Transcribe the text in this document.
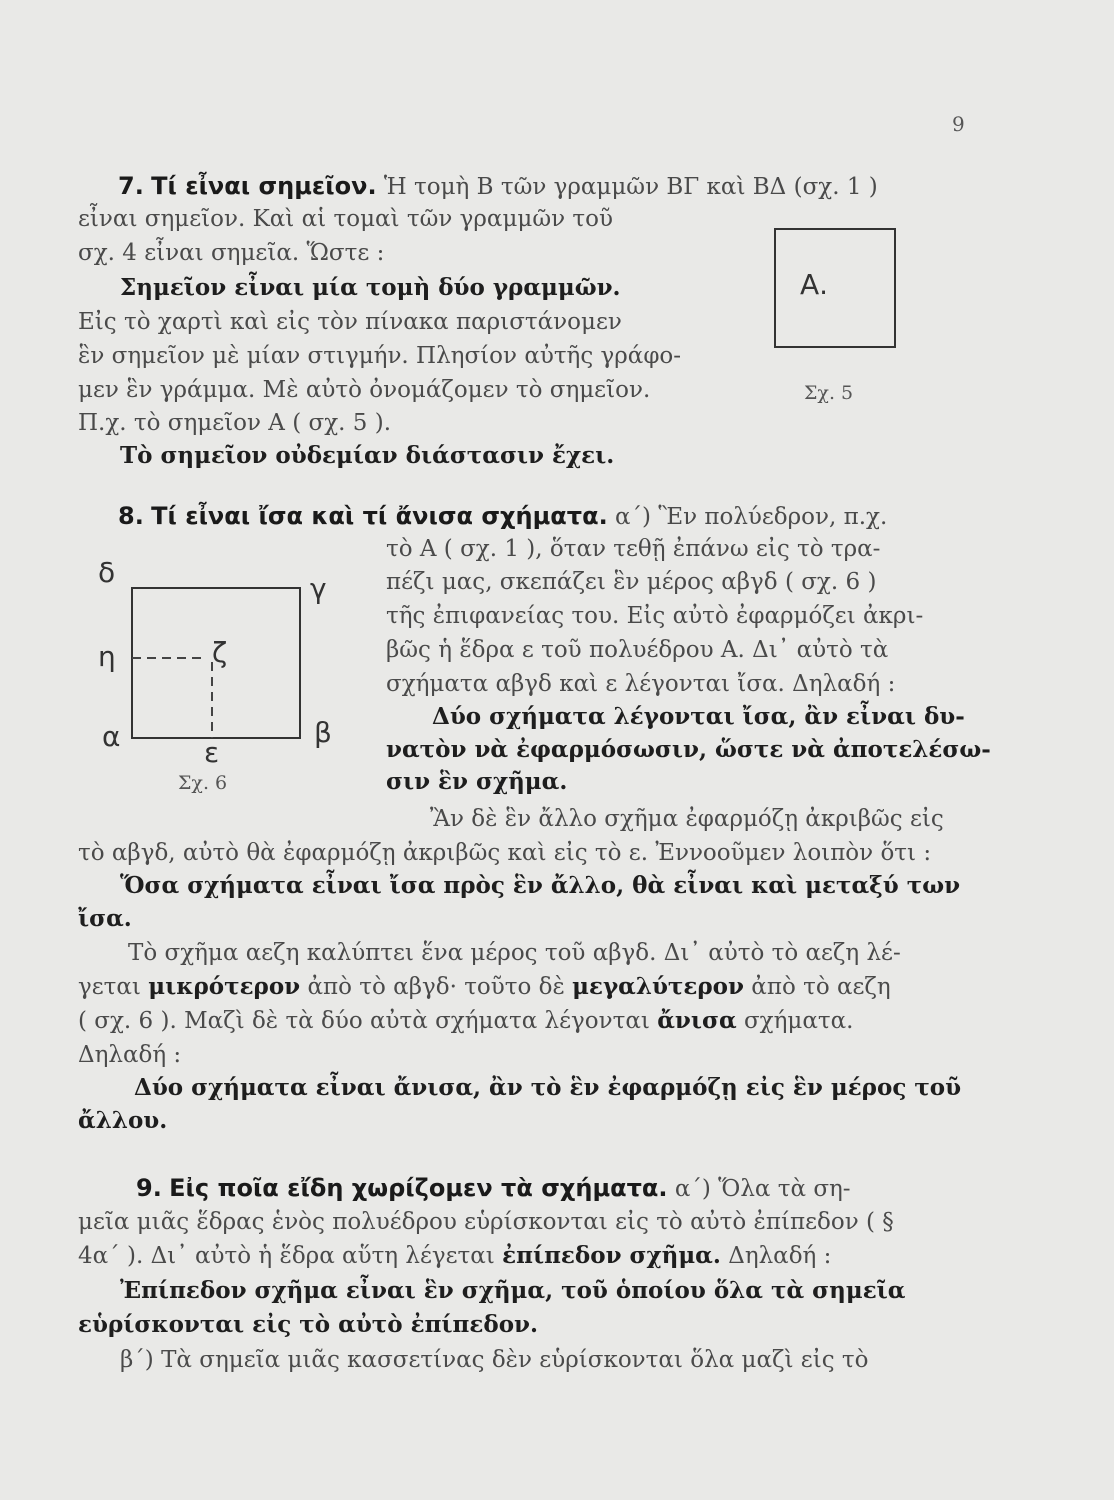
9
7. Τί εἶναι σημεῖον. Ἡ τομὴ Β τῶν γραμμῶν ΒΓ καὶ ΒΔ (σχ. 1 )
εἶναι σημεῖον. Καὶ αἱ τομαὶ τῶν γραμμῶν τοῦ
σχ. 4 εἶναι σημεῖα. Ὥστε :
Σημεῖον εἶναι μία τομὴ δύο γραμμῶν.
Εἰς τὸ χαρτὶ καὶ εἰς τὸν πίνακα παριστάνομεν
ἓν σημεῖον μὲ μίαν στιγμήν. Πλησίον αὐτῆς γράφο-
μεν ἓν γράμμα. Μὲ αὐτὸ ὀνομάζομεν τὸ σημεῖον.
Π.χ. τὸ σημεῖον Α ( σχ. 5 ).
Τὸ σημεῖον οὐδεμίαν διάστασιν ἔχει.
Α.
Σχ. 5
8. Τί εἶναι ἴσα καὶ τί ἄνισα σχήματα. α΄) Ἓν πολύεδρον, π.χ.
τὸ Α ( σχ. 1 ), ὅταν τεθῇ ἐπάνω εἰς τὸ τρα-
πέζι μας, σκεπάζει ἓν μέρος αβγδ ( σχ. 6 )
τῆς ἐπιφανείας του. Εἰς αὐτὸ ἐφαρμόζει ἀκρι-
βῶς ἡ ἕδρα ε τοῦ πολυέδρου Α. Δι᾽ αὐτὸ τὰ
σχήματα αβγδ καὶ ε λέγονται ἴσα. Δηλαδή :
Δύο σχήματα λέγονται ἴσα, ἂν εἶναι δυ-
νατὸν νὰ ἐφαρμόσωσιν, ὥστε νὰ ἀποτελέσω-
σιν ἓν σχῆμα.
δ	γ
η	ζ
α	ε
β
Σχ. 6
Ἂν δὲ ἓν ἄλλο σχῆμα ἐφαρμόζῃ ἀκριβῶς εἰς
τὸ αβγδ, αὐτὸ θὰ ἐφαρμόζῃ ἀκριβῶς καὶ εἰς τὸ ε. Ἐννοοῦμεν λοιπὸν ὅτι :
Ὅσα σχήματα εἶναι ἴσα πρὸς ἓν ἄλλο, θὰ εἶναι καὶ μεταξύ των
ἴσα.
Τὸ σχῆμα αεζη καλύπτει ἕνα μέρος τοῦ αβγδ. Δι᾽ αὐτὸ τὸ αεζη λέ-
γεται μικρότερον ἀπὸ τὸ αβγδ· τοῦτο δὲ μεγαλύτερον ἀπὸ τὸ αεζη
( σχ. 6 ). Μαζὶ δὲ τὰ δύο αὐτὰ σχήματα λέγονται ἄνισα σχήματα.
Δηλαδή :
Δύο σχήματα εἶναι ἄνισα, ἂν τὸ ἓν ἐφαρμόζῃ εἰς ἓν μέρος τοῦ
ἄλλου.
9. Εἰς ποῖα εἴδη χωρίζομεν τὰ σχήματα. α΄) Ὅλα τὰ ση-
μεῖα μιᾶς ἕδρας ἑνὸς πολυέδρου εὑρίσκονται εἰς τὸ αὐτὸ ἐπίπεδον ( §
4α΄ ). Δι᾽ αὐτὸ ἡ ἕδρα αὕτη λέγεται ἐπίπεδον σχῆμα. Δηλαδή :
Ἐπίπεδον σχῆμα εἶναι ἓν σχῆμα, τοῦ ὁποίου ὅλα τὰ σημεῖα
εὑρίσκονται εἰς τὸ αὐτὸ ἐπίπεδον.
β΄) Τὰ σημεῖα μιᾶς κασσετίνας δὲν εὑρίσκονται ὅλα μαζὶ εἰς τὸ
